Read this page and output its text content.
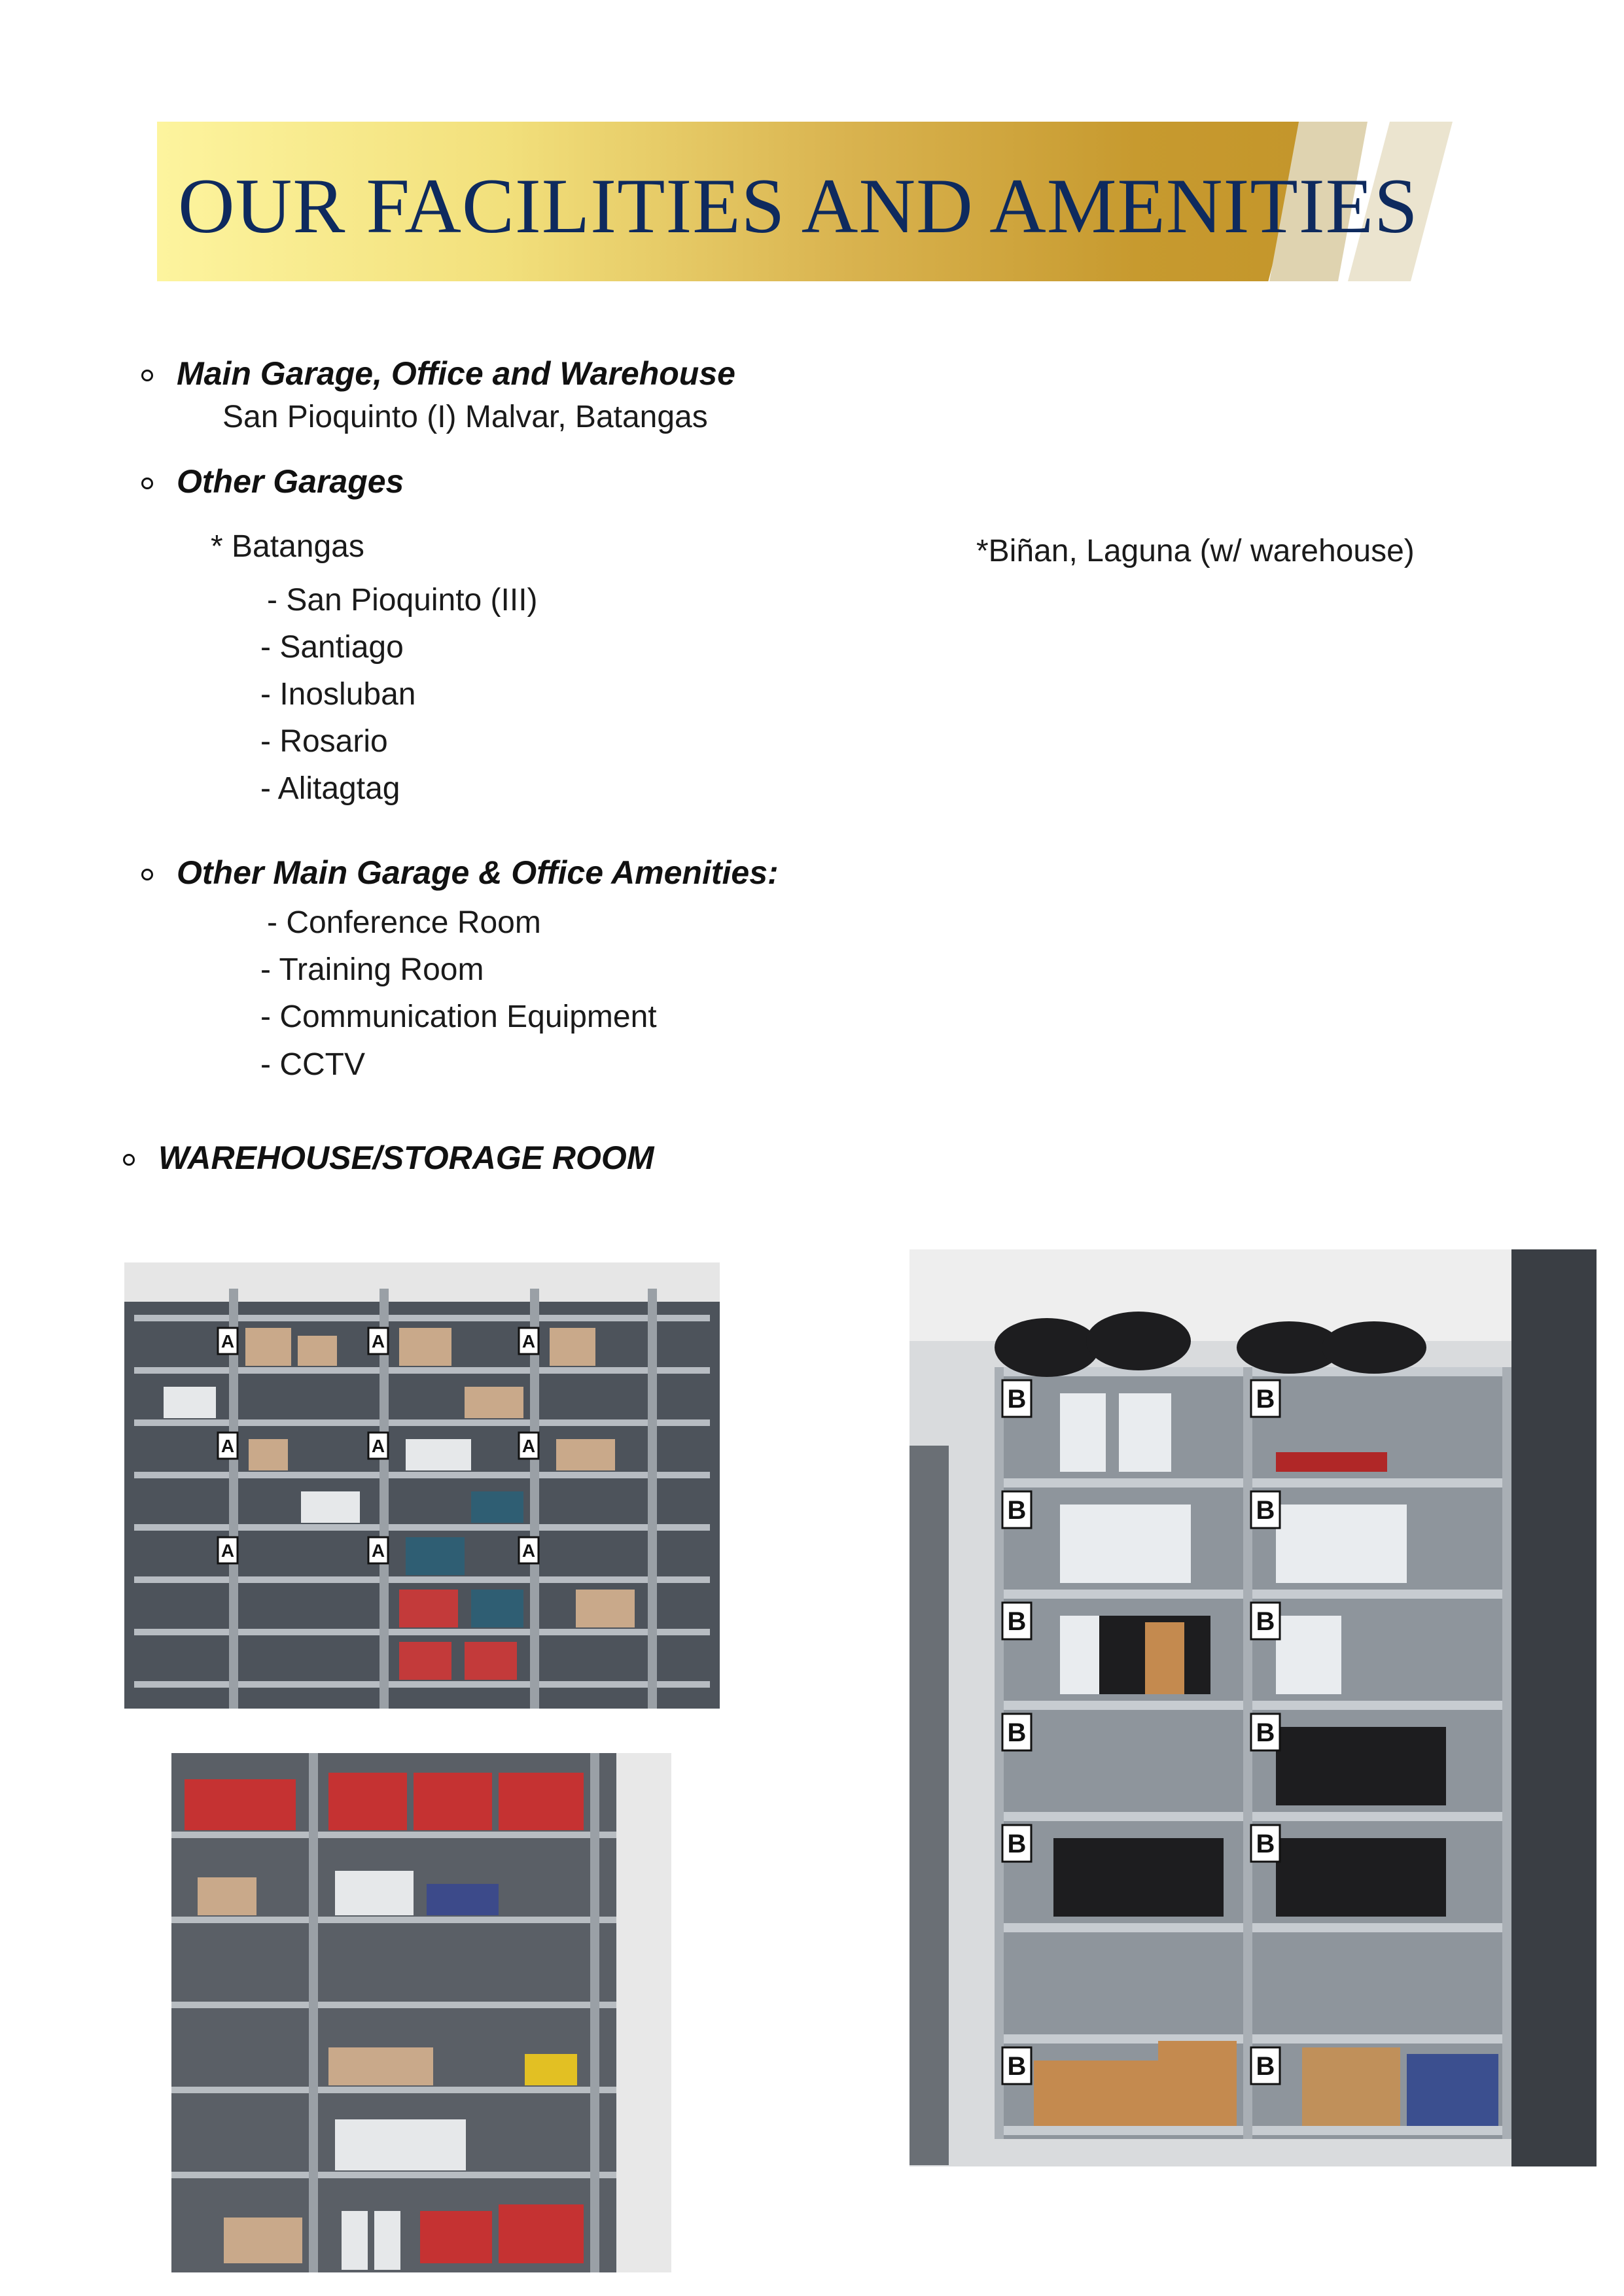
OUR FACILITIES AND AMENITIES

Main Garage, Office and Warehouse

San Pioquinto (I) Malvar, Batangas

Other Garages

* Batangas

- San Pioquinto (III)

- Santiago

- Inosluban

- Rosario

- Alitagtag

*Biñan, Laguna (w/ warehouse)

Other Main Garage & Office Amenities:

- Conference Room

- Training Room

- Communication Equipment

- CCTV

WAREHOUSE/STORAGE ROOM

A
A
A
A
A
A
A
A
A
B
B
B
B
B
B
B
B
B
B
B
B
